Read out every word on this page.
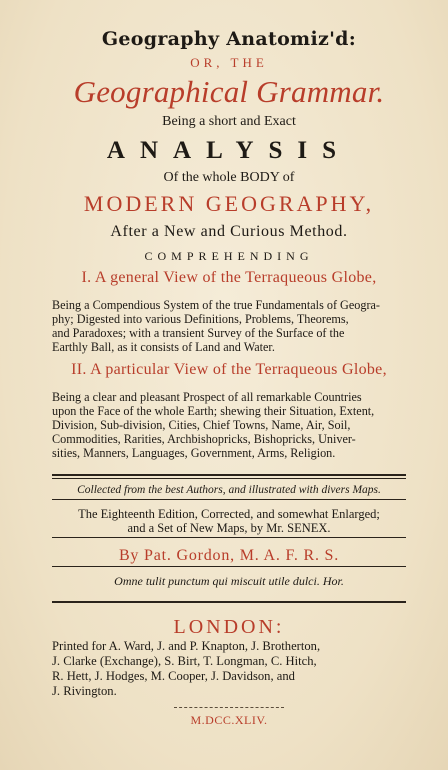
Geography Anatomiz'd:
OR, THE
Geographical Grammar.
Being a short and Exact
ANALYSIS
Of the whole BODY of
MODERN GEOGRAPHY,
After a New and Curious Method.
COMPREHENDING
I. A general View of the Terraqueous Globe,
Being a Compendious System of the true Fundamentals of Geogra-
phy; Digested into various Definitions, Problems, Theorems,
and Paradoxes; with a transient Survey of the Surface of the
Earthly Ball, as it consists of Land and Water.
II. A particular View of the Terraqueous Globe,
Being a clear and pleasant Prospect of all remarkable Countries
upon the Face of the whole Earth; shewing their Situation, Extent,
Division, Sub-division, Cities, Chief Towns, Name, Air, Soil,
Commodities, Rarities, Archbishopricks, Bishopricks, Univer-
sities, Manners, Languages, Government, Arms, Religion.
Collected from the best Authors, and illustrated with divers Maps.
The Eighteenth Edition, Corrected, and somewhat Enlarged;
and a Set of New Maps, by Mr. SENEX.
By Pat. Gordon, M. A. F. R. S.
Omne tulit punctum qui miscuit utile dulci. Hor.
LONDON:
Printed for A. Ward, J. and P. Knapton, J. Brotherton,
J. Clarke (Exchange), S. Birt, T. Longman, C. Hitch,
R. Hett, J. Hodges, M. Cooper, J. Davidson, and
J. Rivington.
M.DCC.XLIV.
